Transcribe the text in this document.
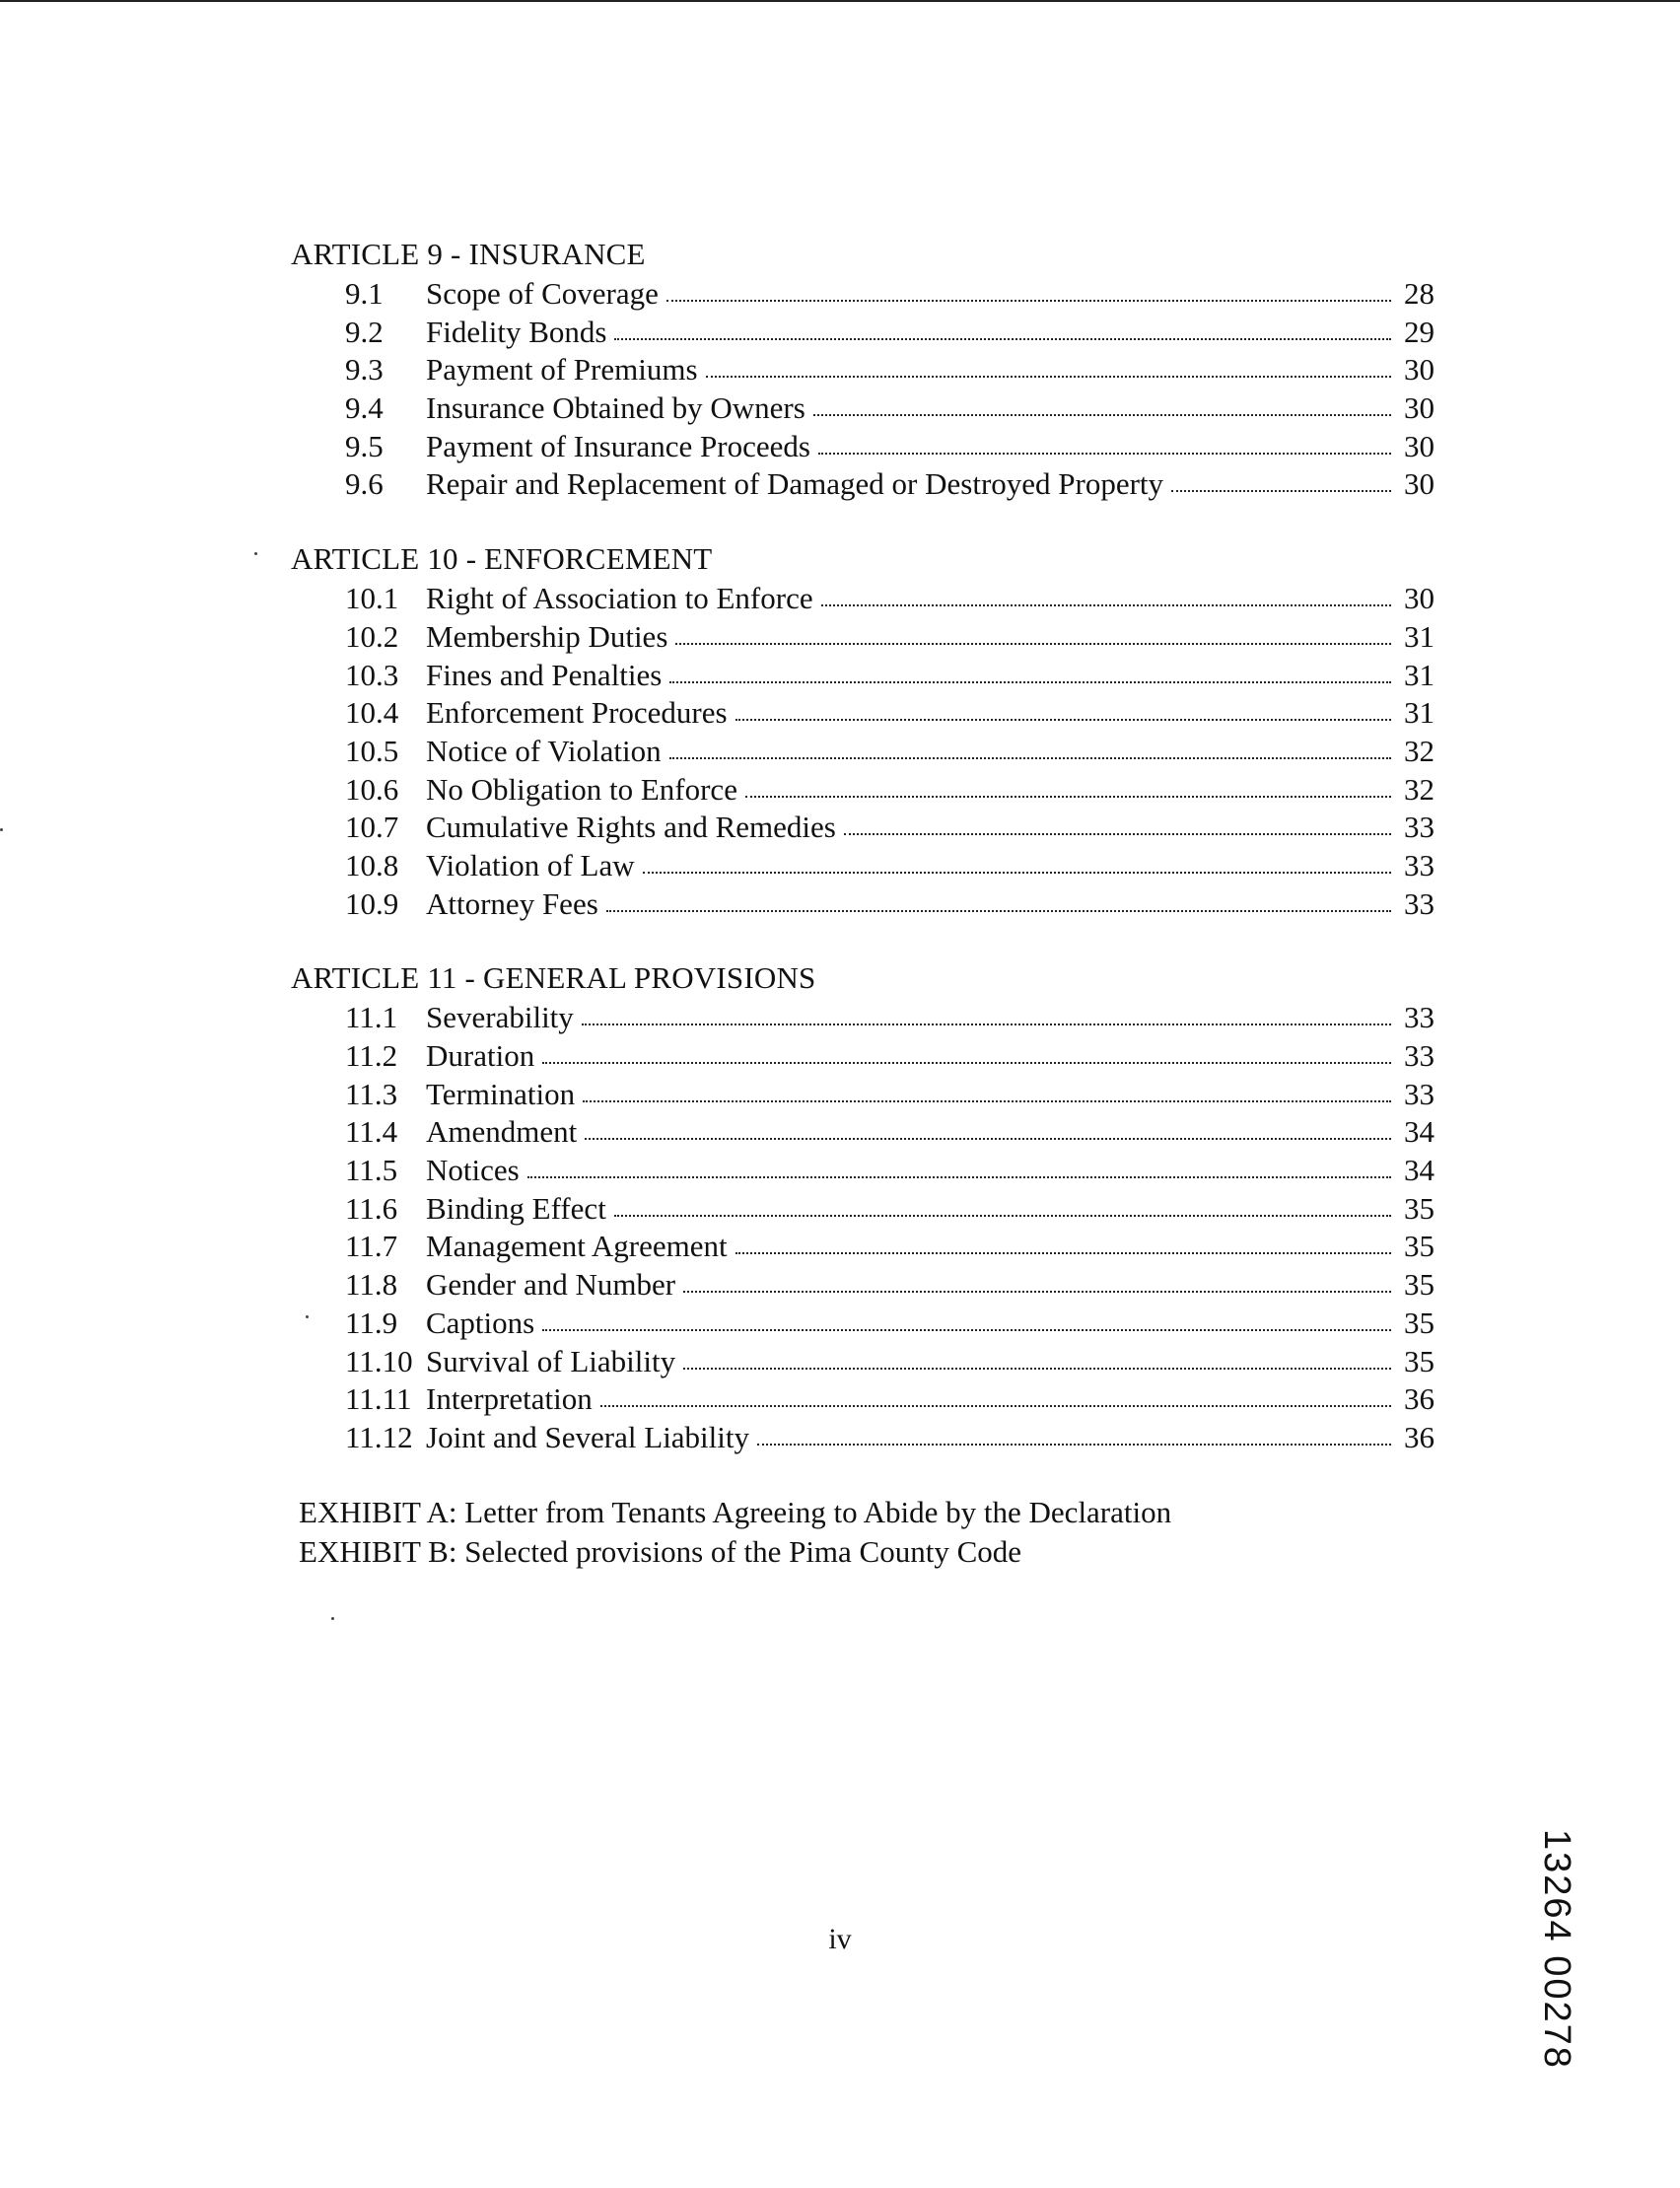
ARTICLE 9 - INSURANCE
9.1	Scope of Coverage	28
9.2	Fidelity Bonds	29
9.3	Payment of Premiums	30
9.4	Insurance Obtained by Owners	30
9.5	Payment of Insurance Proceeds	30
9.6	Repair and Replacement of Damaged or Destroyed Property	30
ARTICLE 10 - ENFORCEMENT
10.1 Right of Association to Enforce	30
10.2 Membership Duties	31
10.3 Fines and Penalties	31
10.4 Enforcement Procedures	31
10.5 Notice of Violation	32
10.6 No Obligation to Enforce	32
10.7 Cumulative Rights and Remedies	33
10.8 Violation of Law	33
10.9 Attorney Fees	33
ARTICLE 11 - GENERAL PROVISIONS
11.1 Severability	33
11.2 Duration	33
11.3 Termination	33
11.4 Amendment	34
11.5 Notices	34
11.6 Binding Effect	35
11.7 Management Agreement	35
11.8 Gender and Number	35
11.9 Captions	35
11.10 Survival of Liability	35
11.11 Interpretation	36
11.12 Joint and Several Liability	36
EXHIBIT A: Letter from Tenants Agreeing to Abide by the Declaration
EXHIBIT B: Selected provisions of the Pima County Code
iv	13264 00278
